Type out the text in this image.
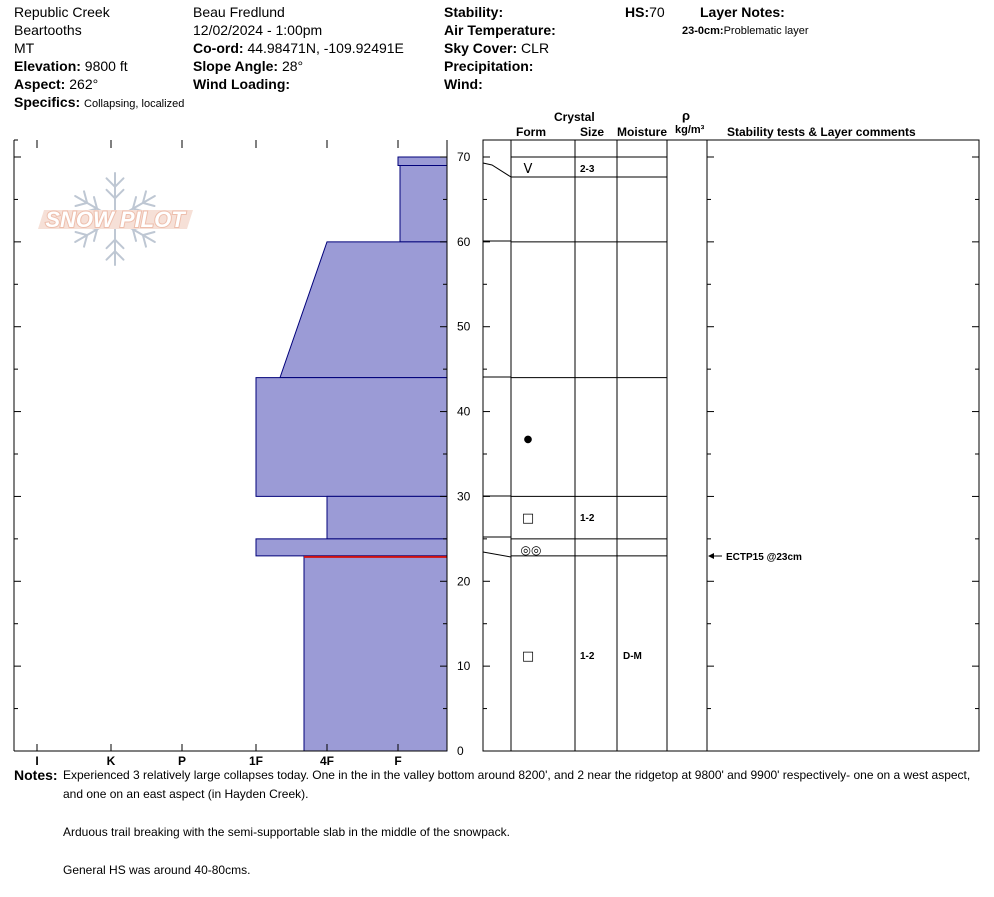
Republic Creek
Beartooths
MT
Elevation: 9800 ft
Aspect: 262°
Specifics: Collapsing, localized
Beau Fredlund
12/02/2024 - 1:00pm
Co-ord: 44.98471N, -109.92491E
Slope Angle: 28°
Wind Loading:
Stability:
Air Temperature:
Sky Cover: CLR
Precipitation:
Wind:
HS:70	Layer Notes:
23-0cm:Problematic layer
Crystal
Form	Size Moisture
ρ
kg/m³ Stability tests & Layer comments
SNOW PILOT
0
10
20
30
40
50
60
70
I	K	P	1F	4F	F
V	2-3
●
□	1-2
◎◎
□	1-2	D-M
ECTP15 @23cm
Notes: Experienced 3 relatively large collapses today. One in the in the valley bottom around 8200', and 2 near the ridgetop at 9800' and 9900' respectively- one on a west aspect,
and one on an east aspect (in Hayden Creek).
Arduous trail breaking with the semi-supportable slab in the middle of the snowpack.
General HS was around 40-80cms.
